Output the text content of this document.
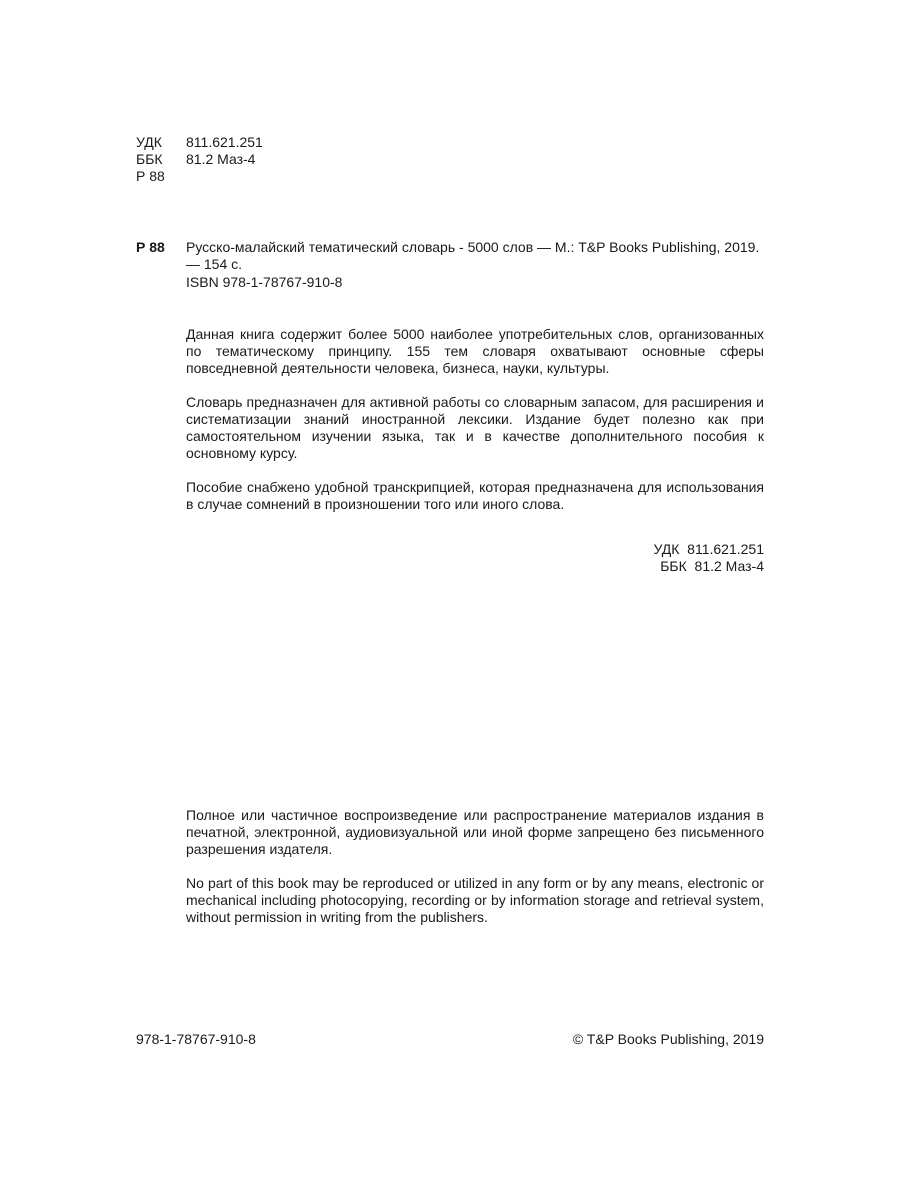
УДК	811.621.251
ББК	81.2 Маз-4
Р 88
Р 88 Русско-малайский тематический словарь - 5000 слов — М.: T&P Books Publishing, 2019. — 154 с.
ISBN 978-1-78767-910-8

Данная книга содержит более 5000 наиболее употребительных слов, организованных по тематическому принципу. 155 тем словаря охватывают основные сферы повседневной деятельности человека, бизнеса, науки, культуры.

Словарь предназначен для активной работы со словарным запасом, для расширения и систематизации знаний иностранной лексики. Издание будет полезно как при самостоятельном изучении языка, так и в качестве дополнительного пособия к основному курсу.

Пособие снабжено удобной транскрипцией, которая предназначена для использования в случае сомнений в произношении того или иного слова.

УДК  811.621.251
ББК  81.2 Маз-4

Полное или частичное воспроизведение или распространение материалов издания в печатной, электронной, аудиовизуальной или иной форме запрещено без письменного разрешения издателя.

No part of this book may be reproduced or utilized in any form or by any means, electronic or mechanical including photocopying, recording or by information storage and retrieval system, without permission in writing from the publishers.

978-1-78767-910-8	© T&P Books Publishing, 2019
